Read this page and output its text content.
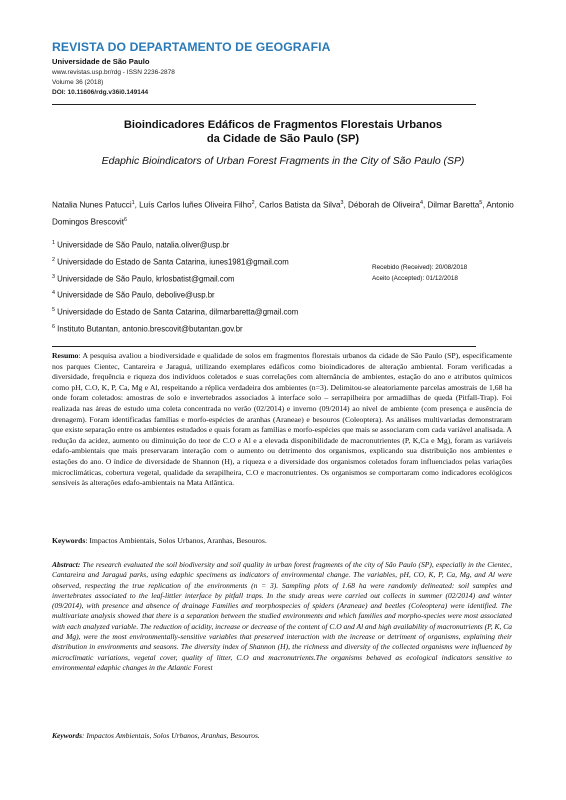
REVISTA DO DEPARTAMENTO DE GEOGRAFIA
Universidade de São Paulo
www.revistas.usp.br/rdg - ISSN 2236-2878
Volume 36 (2018)
DOI: 10.11606/rdg.v36i0.149144
Bioindicadores Edáficos de Fragmentos Florestais Urbanos
da Cidade de São Paulo (SP)
Edaphic Bioindicators of Urban Forest Fragments in the City of São Paulo (SP)
Natalia Nunes Patucci$^1$, Luís Carlos Iuñes Oliveira Filho$^2$, Carlos Batista da Silva$^3$, Déborah de Oliveira$^4$, Dilmar Baretta$^5$, Antonio Domingos Brescovit$^6$
$^1$ Universidade de São Paulo, natalia.oliver@usp.br
$^2$ Universidade do Estado de Santa Catarina, iunes1981@gmail.com
$^3$ Universidade de São Paulo, krlosbatist@gmail.com
$^4$ Universidade de São Paulo, debolive@usp.br
$^5$ Universidade do Estado de Santa Catarina, dilmarbaretta@gmail.com
$^6$ Instituto Butantan, antonio.brescovit@butantan.gov.br
Recebido (Received): 20/08/2018
Aceito (Accepted): 01/12/2018
Resumo: A pesquisa avaliou a biodiversidade e qualidade de solos em fragmentos florestais urbanos da cidade de São Paulo (SP), especificamente nos parques Cientec, Cantareira e Jaraguá, utilizando exemplares edáficos como bioindicadores de alteração ambiental. Foram verificadas a diversidade, frequência e riqueza dos indivíduos coletados e suas correlações com alternância de ambientes, estação do ano e atributos químicos como pH, C.O, K, P, Ca, Mg e Al, respeitando a réplica verdadeira dos ambientes (n=3). Delimitou-se aleatoriamente parcelas amostrais de 1,68 ha onde foram coletados: amostras de solo e invertebrados associados à interface solo – serrapilheira por armadilhas de queda (Pitfall-Trap). Foi realizada nas áreas de estudo uma coleta concentrada no verão (02/2014) e inverno (09/2014) ao nível de ambiente (com presença e ausência de drenagem). Foram identificadas famílias e morfo-espécies de aranhas (Araneae) e besouros (Coleoptera). As análises multivariadas demonstraram que existe separação entre os ambientes estudados e quais foram as famílias e morfo-espécies que mais se associaram com cada variável analisada. A redução da acidez, aumento ou diminuição do teor de C.O e Al e a elevada disponibilidade de macronutrientes (P, K,Ca e Mg), foram as variáveis edafo-ambientais que mais preservaram interação com o aumento ou detrimento dos organismos, explicando sua distribuição nos ambientes e estações do ano. O índice de diversidade de Shannon (H), a riqueza e a diversidade dos organismos coletados foram influenciados pelas variações microclimáticas, cobertura vegetal, qualidade da serapilheira, C.O e macronutrientes. Os organismos se comportaram como indicadores ecológicos sensíveis às alterações edafo-ambientais na Mata Atlântica.
Keywords: Impactos Ambientais, Solos Urbanos, Aranhas, Besouros.
Abstract: The research evaluated the soil biodiversity and soil quality in urban forest fragments of the city of São Paulo (SP), especially in the Cientec, Cantareira and Jaraguá parks, using edaphic specimens as indicators of environmental change. The variables, pH, CO, K, P, Ca, Mg, and Al were observed, respecting the true replication of the environments (n = 3). Sampling plots of 1.68 ha were randomly delineated: soil samples and invertebrates associated to the leaf-littler interface by pitfall traps. In the study areas were carried out collects in summer (02/2014) and winter (09/2014), with presence and absence of drainage Families and morphospecies of spiders (Araneae) and beetles (Coleoptera) were identified. The multivariate analysis showed that there is a separation between the studied environments and which families and morpho-species were most associated with each analyzed variable. The reduction of acidity, increase or decrease of the content of C.O and Al and high availability of macronutrients (P, K, Ca and Mg), were the most environmentally-sensitive variables that preserved interaction with the increase or detriment of organisms, explaining their distribution in environments and seasons. The diversity index of Shannon (H), the richness and diversity of the collected organisms were influenced by microclimatic variations, vegetal cover, quality of litter, C.O and macronutrients.The organisms behaved as ecological indicators sensitive to environmental edaphic changes in the Atlantic Forest
Keywords: Impactos Ambientais, Solos Urbanos, Aranhas, Besouros.
